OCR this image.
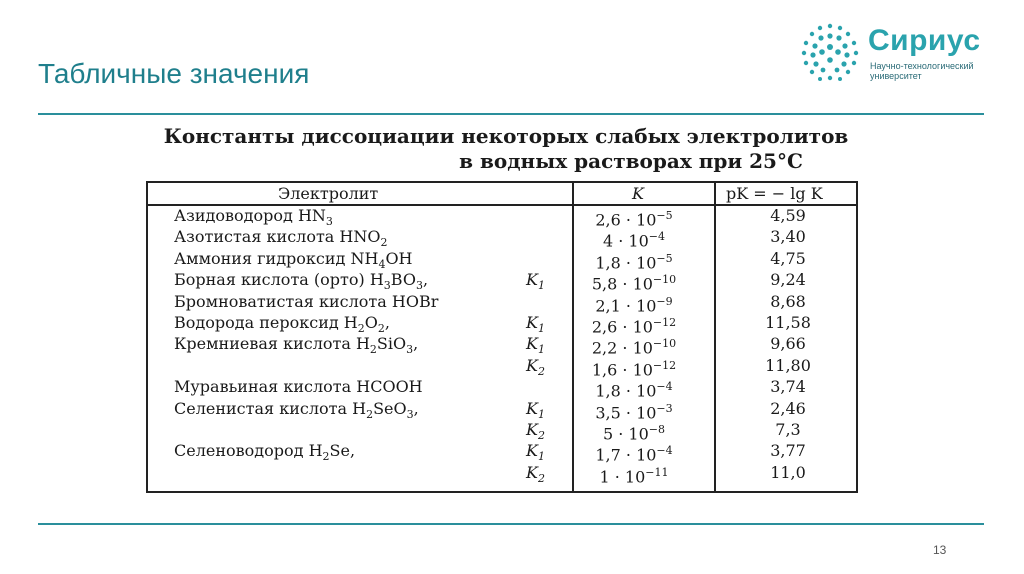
Табличные значения
Сириус
Научно-технологический университет
Константы диссоциации некоторых слабых электролитов
в водных растворах при 25°C
Электролит	K	pK = − lg K
Азидоводород $HN_3$	$2,6 \cdot 10^{-5}$	4,59
Азотистая кислота $HNO_2$	$4 \cdot 10^{-4}$	3,40
Аммония гидроксид $NH_4OH$	$1,8 \cdot 10^{-5}$	4,75
Борная кислота (орто) $H_3BO_3$,	$K_1$	$5,8 \cdot 10^{-10}$	9,24
Бромноватистая кислота HOBr	$2,1 \cdot 10^{-9}$	8,68
Водорода пероксид $H_2O_2$,	$K_1$	$2,6 \cdot 10^{-12}$	11,58
Кремниевая кислота $H_2SiO_3$,	$K_1$	$2,2 \cdot 10^{-10}$	9,66
$K_2$	$1,6 \cdot 10^{-12}$	11,80
Муравьиная кислота HCOOH	$1,8 \cdot 10^{-4}$	3,74
Селенистая кислота $H_2SeO_3$,	$K_1$	$3,5 \cdot 10^{-3}$	2,46
$K_2$	$5 \cdot 10^{-8}$	7,3
Селеноводород $H_2Se$,	$K_1$	$1,7 \cdot 10^{-4}$	3,77
$K_2$	$1 \cdot 10^{-11}$	11,0
13
